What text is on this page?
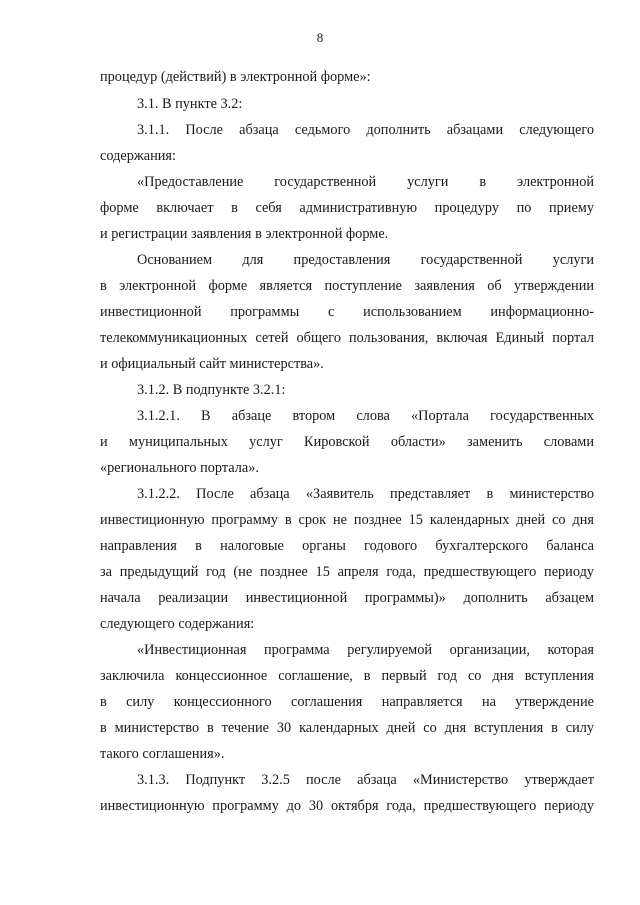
8
процедур (действий) в электронной форме»:
3.1. В пункте 3.2:
3.1.1. После абзаца седьмого дополнить абзацами следующего
содержания:
«Предоставление государственной услуги в электронной
форме включает в себя административную процедуру по приему
и регистрации заявления в электронной форме.
Основанием для предоставления государственной услуги
в электронной форме является поступление заявления об утверждении
инвестиционной программы с использованием информационно-
телекоммуникационных сетей общего пользования, включая Единый портал
и официальный сайт министерства».
3.1.2. В подпункте 3.2.1:
3.1.2.1. В абзаце втором слова «Портала государственных
и муниципальных услуг Кировской области» заменить словами
«регионального портала».
3.1.2.2. После абзаца «Заявитель представляет в министерство
инвестиционную программу в срок не позднее 15 календарных дней со дня
направления в налоговые органы годового бухгалтерского баланса
за предыдущий год (не позднее 15 апреля года, предшествующего периоду
начала реализации инвестиционной программы)» дополнить абзацем
следующего содержания:
«Инвестиционная программа регулируемой организации, которая
заключила концессионное соглашение, в первый год со дня вступления
в силу концессионного соглашения направляется на утверждение
в министерство в течение 30 календарных дней со дня вступления в силу
такого соглашения».
3.1.3. Подпункт 3.2.5 после абзаца «Министерство утверждает
инвестиционную программу до 30 октября года, предшествующего периоду
